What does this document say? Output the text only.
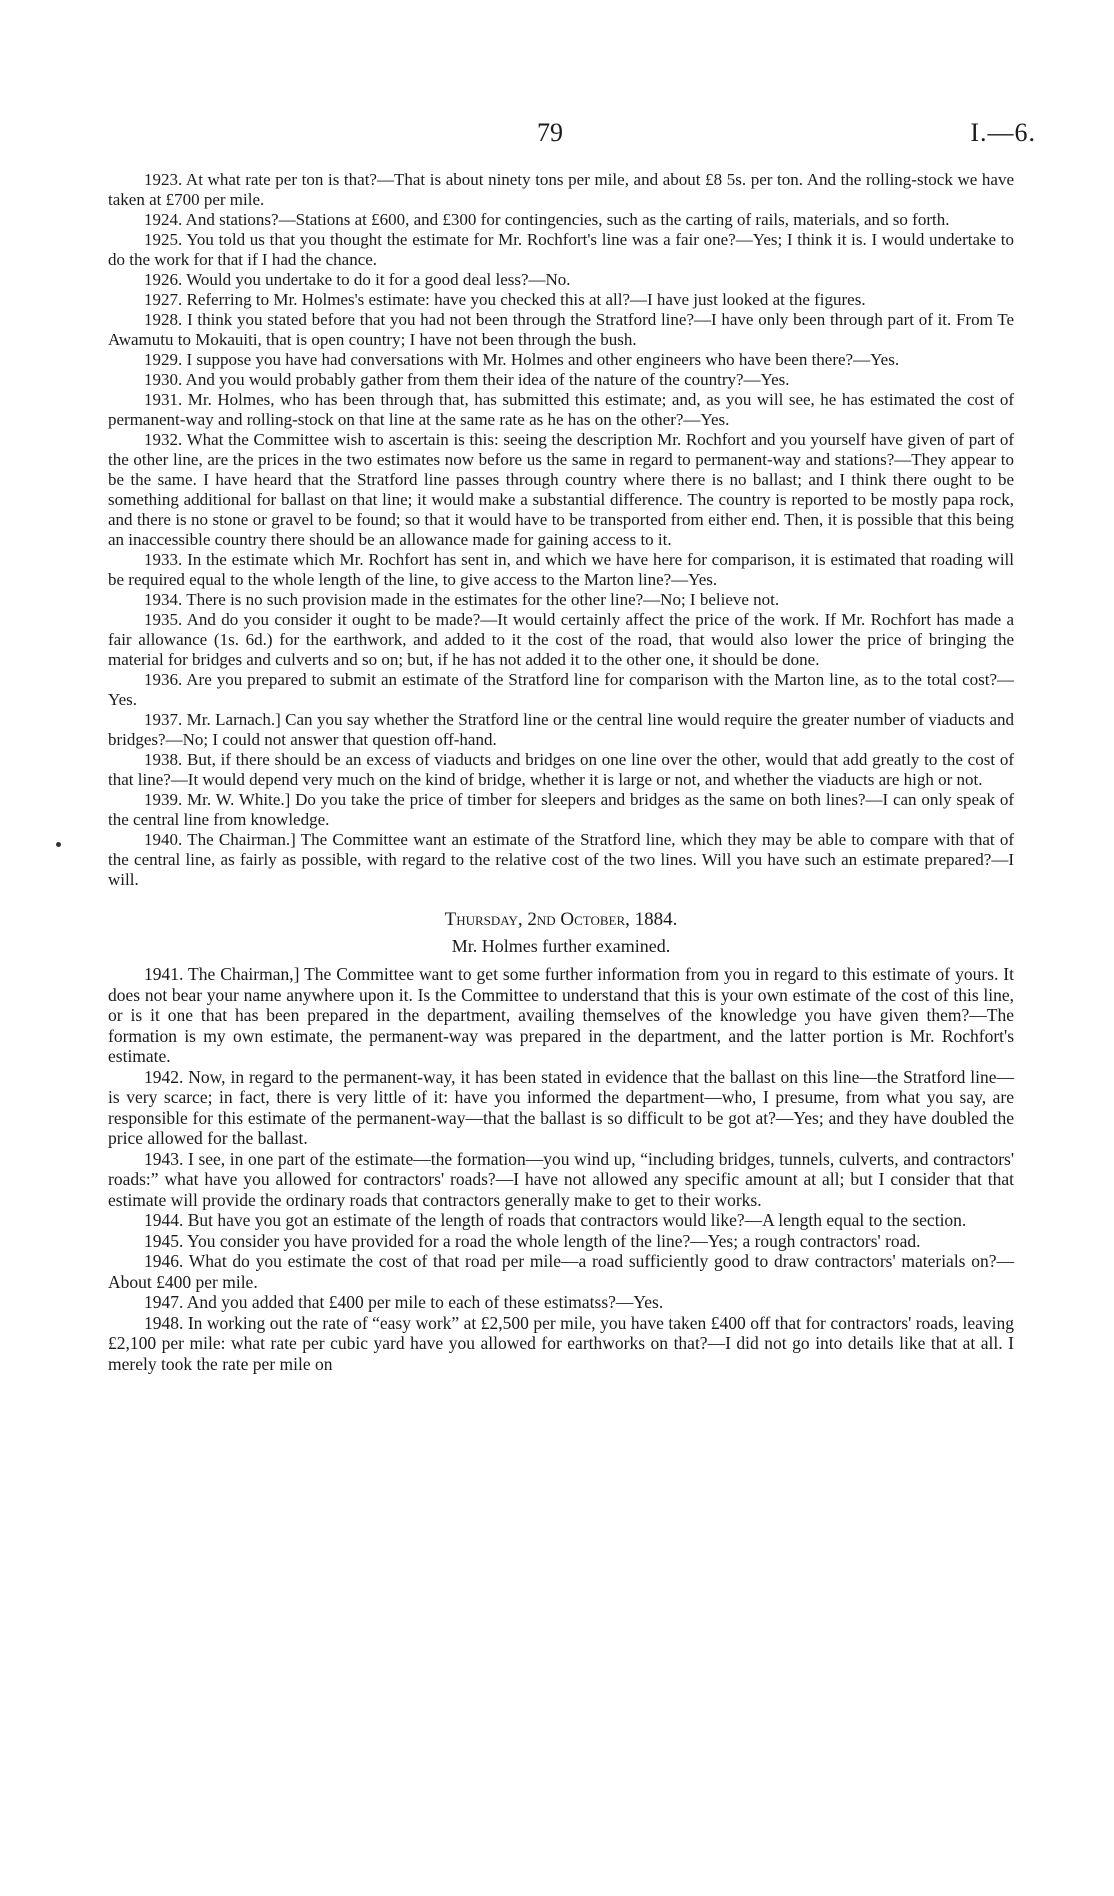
79	I.—6.

1923. At what rate per ton is that?—That is about ninety tons per mile, and about £8 5s. per ton. And the rolling-stock we have taken at £700 per mile.

1924. And stations?—Stations at £600, and £300 for contingencies, such as the carting of rails, materials, and so forth.

1925. You told us that you thought the estimate for Mr. Rochfort's line was a fair one?—Yes; I think it is. I would undertake to do the work for that if I had the chance.

1926. Would you undertake to do it for a good deal less?—No.

1927. Referring to Mr. Holmes's estimate: have you checked this at all?—I have just looked at the figures.

1928. I think you stated before that you had not been through the Stratford line?—I have only been through part of it. From Te Awamutu to Mokauiti, that is open country; I have not been through the bush.

1929. I suppose you have had conversations with Mr. Holmes and other engineers who have been there?—Yes.

1930. And you would probably gather from them their idea of the nature of the country?—Yes.

1931. Mr. Holmes, who has been through that, has submitted this estimate; and, as you will see, he has estimated the cost of permanent-way and rolling-stock on that line at the same rate as he has on the other?—Yes.

1932. What the Committee wish to ascertain is this: seeing the description Mr. Rochfort and you yourself have given of part of the other line, are the prices in the two estimates now before us the same in regard to permanent-way and stations?—They appear to be the same. I have heard that the Stratford line passes through country where there is no ballast; and I think there ought to be something additional for ballast on that line; it would make a substantial difference. The country is reported to be mostly papa rock, and there is no stone or gravel to be found; so that it would have to be transported from either end. Then, it is possible that this being an inaccessible country there should be an allowance made for gaining access to it.

1933. In the estimate which Mr. Rochfort has sent in, and which we have here for comparison, it is estimated that roading will be required equal to the whole length of the line, to give access to the Marton line?—Yes.

1934. There is no such provision made in the estimates for the other line?—No; I believe not.

1935. And do you consider it ought to be made?—It would certainly affect the price of the work. If Mr. Rochfort has made a fair allowance (1s. 6d.) for the earthwork, and added to it the cost of the road, that would also lower the price of bringing the material for bridges and culverts and so on; but, if he has not added it to the other one, it should be done.

1936. Are you prepared to submit an estimate of the Stratford line for comparison with the Marton line, as to the total cost?—Yes.

1937. Mr. Larnach.] Can you say whether the Stratford line or the central line would require the greater number of viaducts and bridges?—No; I could not answer that question off-hand.

1938. But, if there should be an excess of viaducts and bridges on one line over the other, would that add greatly to the cost of that line?—It would depend very much on the kind of bridge, whether it is large or not, and whether the viaducts are high or not.

1939. Mr. W. White.] Do you take the price of timber for sleepers and bridges as the same on both lines?—I can only speak of the central line from knowledge.

1940. The Chairman.] The Committee want an estimate of the Stratford line, which they may be able to compare with that of the central line, as fairly as possible, with regard to the relative cost of the two lines. Will you have such an estimate prepared?—I will.

Thursday, 2nd October, 1884.

Mr. Holmes further examined.

1941. The Chairman,] The Committee want to get some further information from you in regard to this estimate of yours. It does not bear your name anywhere upon it. Is the Committee to understand that this is your own estimate of the cost of this line, or is it one that has been prepared in the department, availing themselves of the knowledge you have given them?—The formation is my own estimate, the permanent-way was prepared in the department, and the latter portion is Mr. Rochfort's estimate.

1942. Now, in regard to the permanent-way, it has been stated in evidence that the ballast on this line—the Stratford line—is very scarce; in fact, there is very little of it: have you informed the department—who, I presume, from what you say, are responsible for this estimate of the permanent-way—that the ballast is so difficult to be got at?—Yes; and they have doubled the price allowed for the ballast.

1943. I see, in one part of the estimate—the formation—you wind up, “including bridges, tunnels, culverts, and contractors' roads:” what have you allowed for contractors' roads?—I have not allowed any specific amount at all; but I consider that that estimate will provide the ordinary roads that contractors generally make to get to their works.

1944. But have you got an estimate of the length of roads that contractors would like?—A length equal to the section.

1945. You consider you have provided for a road the whole length of the line?—Yes; a rough contractors' road.

1946. What do you estimate the cost of that road per mile—a road sufficiently good to draw contractors' materials on?—About £400 per mile.

1947. And you added that £400 per mile to each of these estimatss?—Yes.

1948. In working out the rate of “easy work” at £2,500 per mile, you have taken £400 off that for contractors' roads, leaving £2,100 per mile: what rate per cubic yard have you allowed for earthworks on that?—I did not go into details like that at all. I merely took the rate per mile on
